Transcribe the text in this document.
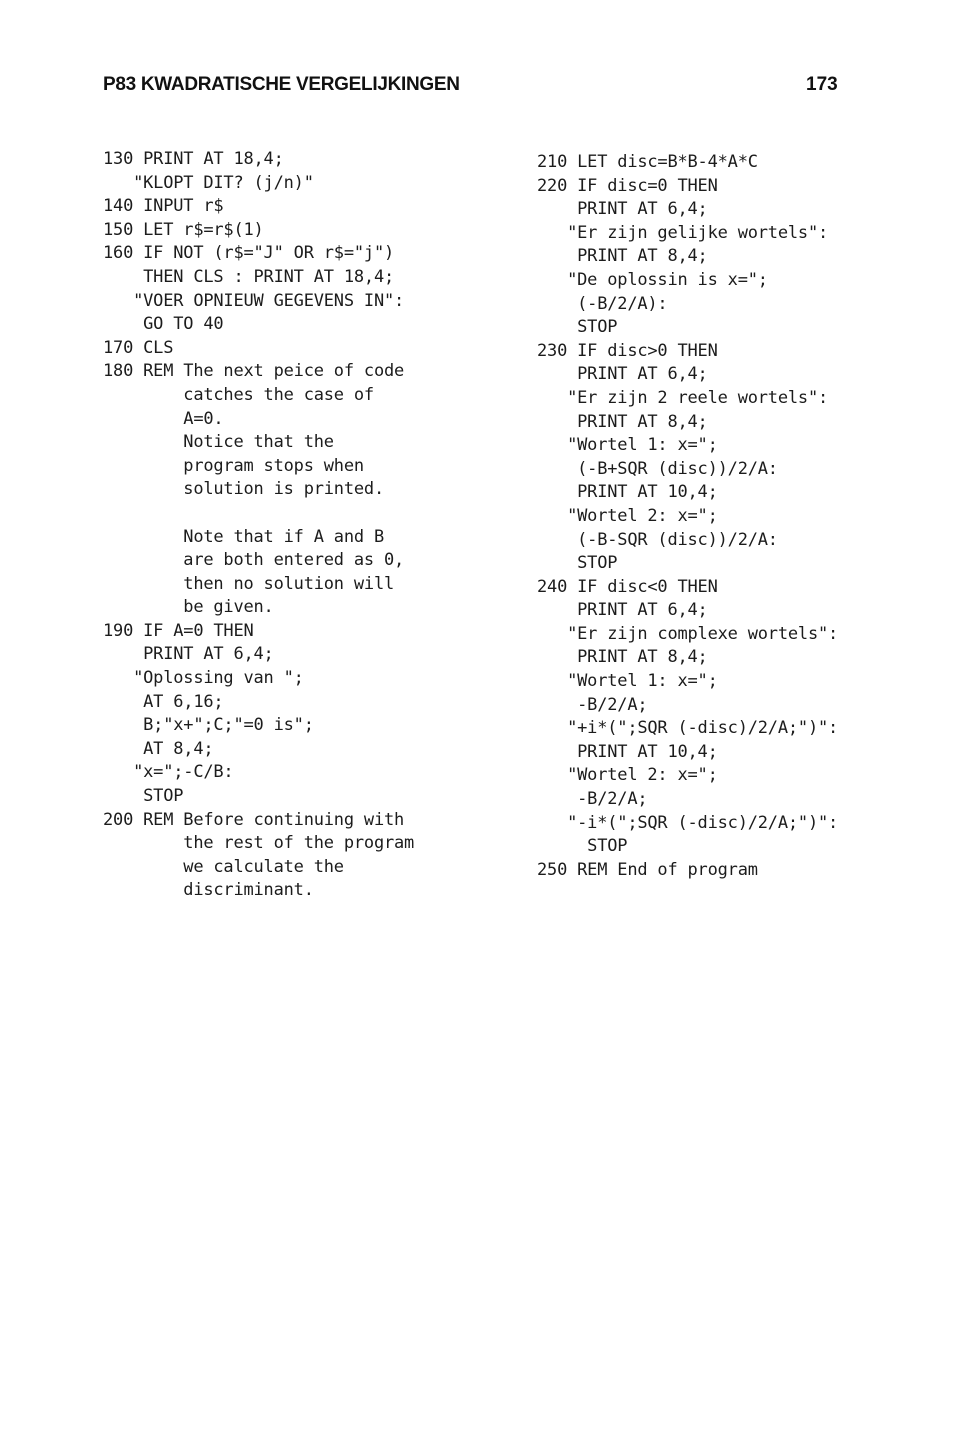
P83 KWADRATISCHE VERGELIJKINGEN	173
130 PRINT AT 18,4;
"KLOPT DIT? (j/n)"
140 INPUT r$
150 LET r$=r$(1)
160 IF NOT (r$="J" OR r$="j")
THEN CLS : PRINT AT 18,4;
"VOER OPNIEUW GEGEVENS IN":
GO TO 40
170 CLS
180 REM The next peice of code
catches the case of
A=0.
Notice that the
program stops when
solution is printed.
Note that if A and B
are both entered as 0,
then no solution will
be given.
190 IF A=0 THEN
PRINT AT 6,4;
"Oplossing van ";
AT 6,16;
B;"x+";C;"=0 is";
AT 8,4;
"x=";-C/B:
STOP
200 REM Before continuing with
the rest of the program
we calculate the
discriminant.
210 LET disc=B*B-4*A*C
220 IF disc=0 THEN
PRINT AT 6,4;
"Er zijn gelijke wortels":
PRINT AT 8,4;
"De oplossin is x=";
(-B/2/A):
STOP
230 IF disc>0 THEN
PRINT AT 6,4;
"Er zijn 2 reele wortels":
PRINT AT 8,4;
"Wortel 1: x=";
(-B+SQR (disc))/2/A:
PRINT AT 10,4;
"Wortel 2: x=";
(-B-SQR (disc))/2/A:
STOP
240 IF disc<0 THEN
PRINT AT 6,4;
"Er zijn complexe wortels":
PRINT AT 8,4;
"Wortel 1: x=";
-B/2/A;
"+i*(";SQR (-disc)/2/A;")":
PRINT AT 10,4;
"Wortel 2: x=";
-B/2/A;
"-i*(";SQR (-disc)/2/A;")":
STOP
250 REM End of program
